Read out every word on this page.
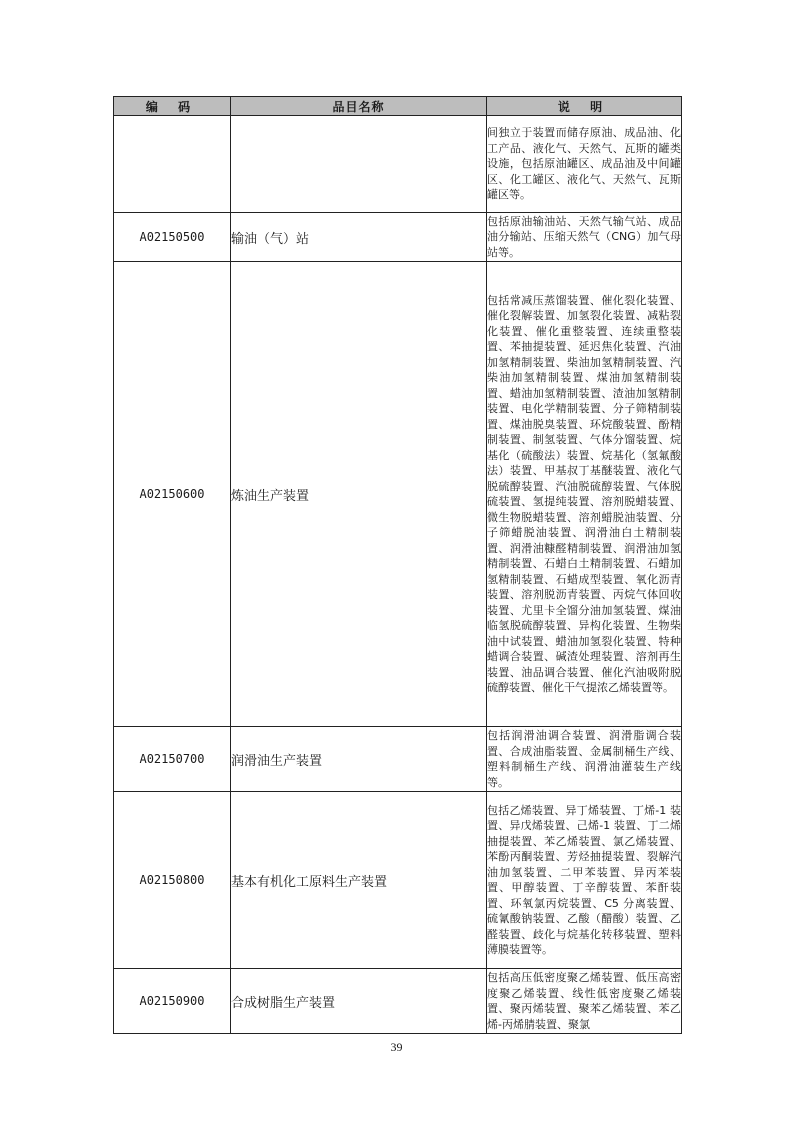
编 码	品目名称	说 明
		间独立于装置而储存原油、成品油、化工产品、液化气、天然气、瓦斯的罐类设施，包括原油罐区、成品油及中间罐区、化工罐区、液化气、天然气、瓦斯罐区等。
A02150500	输油（气）站	包括原油输油站、天然气输气站、成品油分输站、压缩天然气（CNG）加气母站等。
A02150600	炼油生产装置	包括常减压蒸馏装置、催化裂化装置、催化裂解装置、加氢裂化装置、减粘裂化装置、催化重整装置、连续重整装置、苯抽提装置、延迟焦化装置、汽油加氢精制装置、柴油加氢精制装置、汽柴油加氢精制装置、煤油加氢精制装置、蜡油加氢精制装置、渣油加氢精制装置、电化学精制装置、分子筛精制装置、煤油脱臭装置、环烷酸装置、酚精制装置、制氢装置、气体分馏装置、烷基化（硫酸法）装置、烷基化（氢氟酸法）装置、甲基叔丁基醚装置、液化气脱硫醇装置、汽油脱硫醇装置、气体脱硫装置、氢提纯装置、溶剂脱蜡装置、微生物脱蜡装置、溶剂蜡脱油装置、分子筛蜡脱油装置、润滑油白土精制装置、润滑油糠醛精制装置、润滑油加氢精制装置、石蜡白土精制装置、石蜡加氢精制装置、石蜡成型装置、氧化沥青装置、溶剂脱沥青装置、丙烷气体回收装置、尤里卡全馏分油加氢装置、煤油临氢脱硫醇装置、异构化装置、生物柴油中试装置、蜡油加氢裂化装置、特种蜡调合装置、碱渣处理装置、溶剂再生装置、油品调合装置、催化汽油吸附脱硫醇装置、催化干气提浓乙烯装置等。
A02150700	润滑油生产装置	包括润滑油调合装置、润滑脂调合装置、合成油脂装置、金属制桶生产线、塑料制桶生产线、润滑油灌装生产线等。
A02150800	基本有机化工原料生产装置	包括乙烯装置、异丁烯装置、丁烯-1 装置、异戊烯装置、己烯-1 装置、丁二烯抽提装置、苯乙烯装置、氯乙烯装置、苯酚丙酮装置、芳烃抽提装置、裂解汽油加氢装置、二甲苯装置、异丙苯装置、甲醇装置、丁辛醇装置、苯酐装置、环氧氯丙烷装置、C5 分离装置、硫氰酸钠装置、乙酸（醋酸）装置、乙醛装置、歧化与烷基化转移装置、塑料薄膜装置等。
A02150900	合成树脂生产装置	包括高压低密度聚乙烯装置、低压高密度聚乙烯装置、线性低密度聚乙烯装置、聚丙烯装置、聚苯乙烯装置、苯乙烯-丙烯腈装置、聚氯
39
